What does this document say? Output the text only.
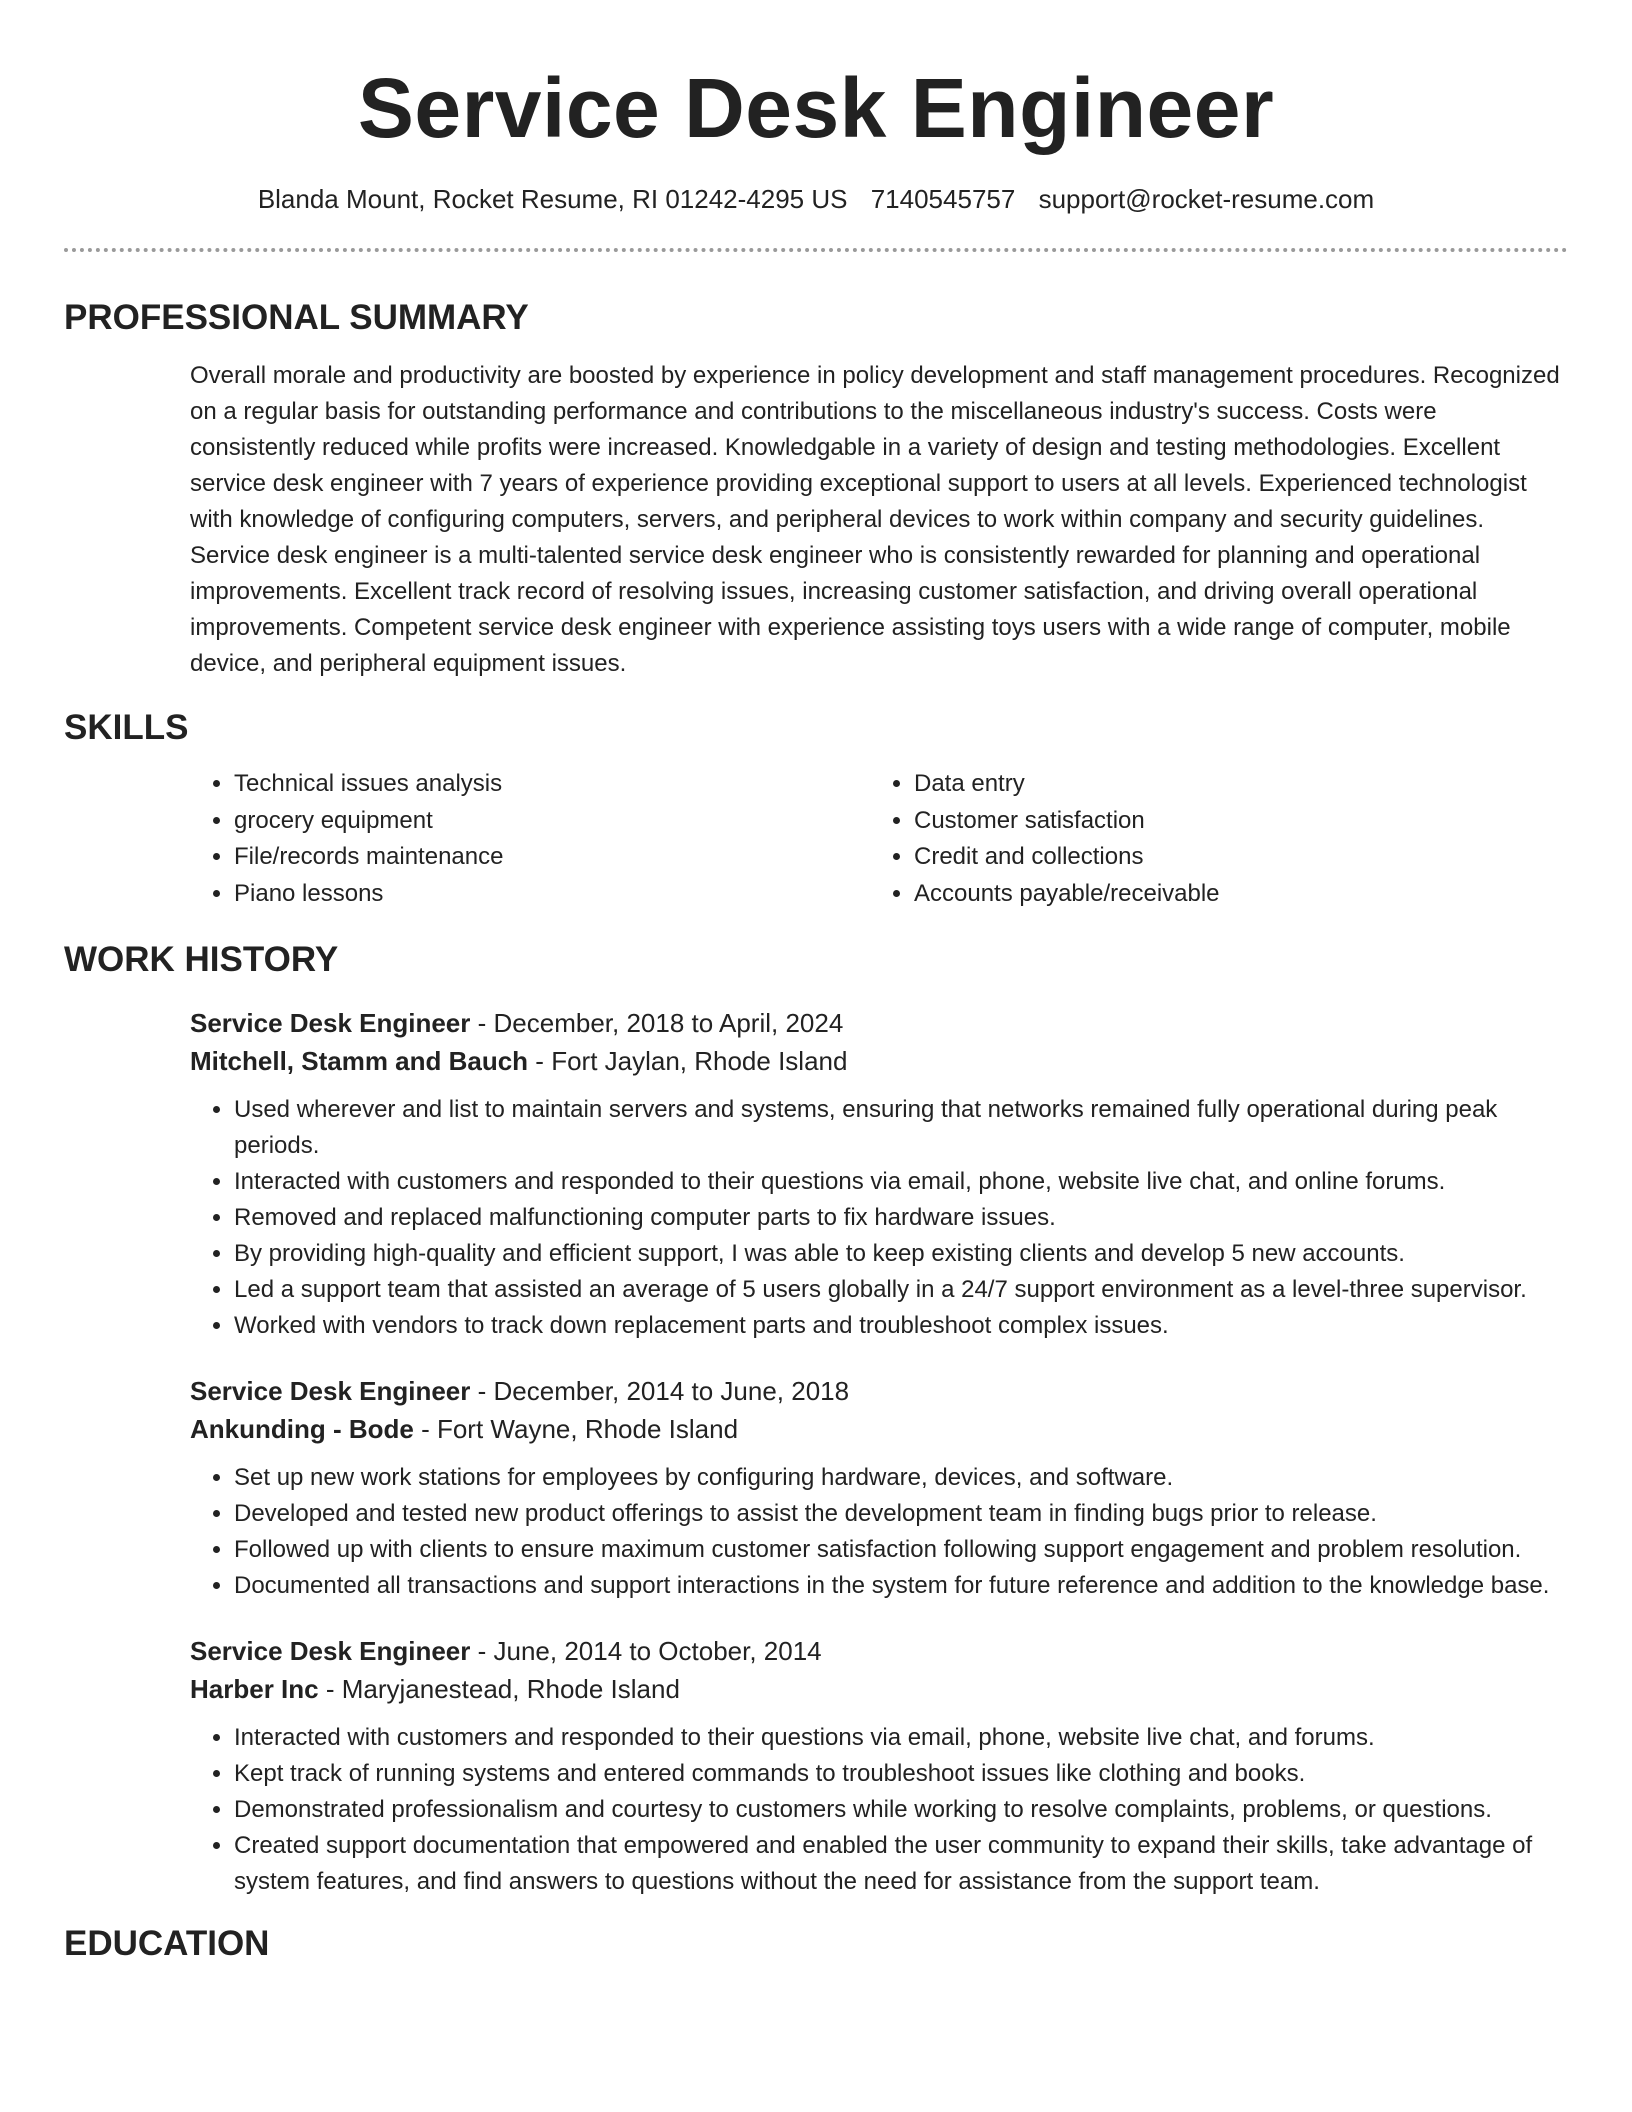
Service Desk Engineer
Blanda Mount, Rocket Resume, RI 01242-4295 US 7140545757 support@rocket-resume.com
PROFESSIONAL SUMMARY

Overall morale and productivity are boosted by experience in policy development and staff management procedures. Recognized on a regular basis for outstanding performance and contributions to the miscellaneous industry's success. Costs were consistently reduced while profits were increased. Knowledgable in a variety of design and testing methodologies. Excellent service desk engineer with 7 years of experience providing exceptional support to users at all levels. Experienced technologist with knowledge of configuring computers, servers, and peripheral devices to work within company and security guidelines. Service desk engineer is a multi-talented service desk engineer who is consistently rewarded for planning and operational improvements. Excellent track record of resolving issues, increasing customer satisfaction, and driving overall operational improvements. Competent service desk engineer with experience assisting toys users with a wide range of computer, mobile device, and peripheral equipment issues.

SKILLS
• Technical issues analysis
• grocery equipment
• File/records maintenance
• Piano lessons
• Data entry
• Customer satisfaction
• Credit and collections
• Accounts payable/receivable
WORK HISTORY
Service Desk Engineer - December, 2018 to April, 2024
Mitchell, Stamm and Bauch - Fort Jaylan, Rhode Island
• Used wherever and list to maintain servers and systems, ensuring that networks remained fully operational during peak periods.
• Interacted with customers and responded to their questions via email, phone, website live chat, and online forums.
• Removed and replaced malfunctioning computer parts to fix hardware issues.
• By providing high-quality and efficient support, I was able to keep existing clients and develop 5 new accounts.
• Led a support team that assisted an average of 5 users globally in a 24/7 support environment as a level-three supervisor.
• Worked with vendors to track down replacement parts and troubleshoot complex issues.
Service Desk Engineer - December, 2014 to June, 2018
Ankunding - Bode - Fort Wayne, Rhode Island
• Set up new work stations for employees by configuring hardware, devices, and software.
• Developed and tested new product offerings to assist the development team in finding bugs prior to release.
• Followed up with clients to ensure maximum customer satisfaction following support engagement and problem resolution.
• Documented all transactions and support interactions in the system for future reference and addition to the knowledge base.
Service Desk Engineer - June, 2014 to October, 2014
Harber Inc - Maryjanestead, Rhode Island
• Interacted with customers and responded to their questions via email, phone, website live chat, and forums.
• Kept track of running systems and entered commands to troubleshoot issues like clothing and books.
• Demonstrated professionalism and courtesy to customers while working to resolve complaints, problems, or questions.
• Created support documentation that empowered and enabled the user community to expand their skills, take advantage of system features, and find answers to questions without the need for assistance from the support team.
EDUCATION
